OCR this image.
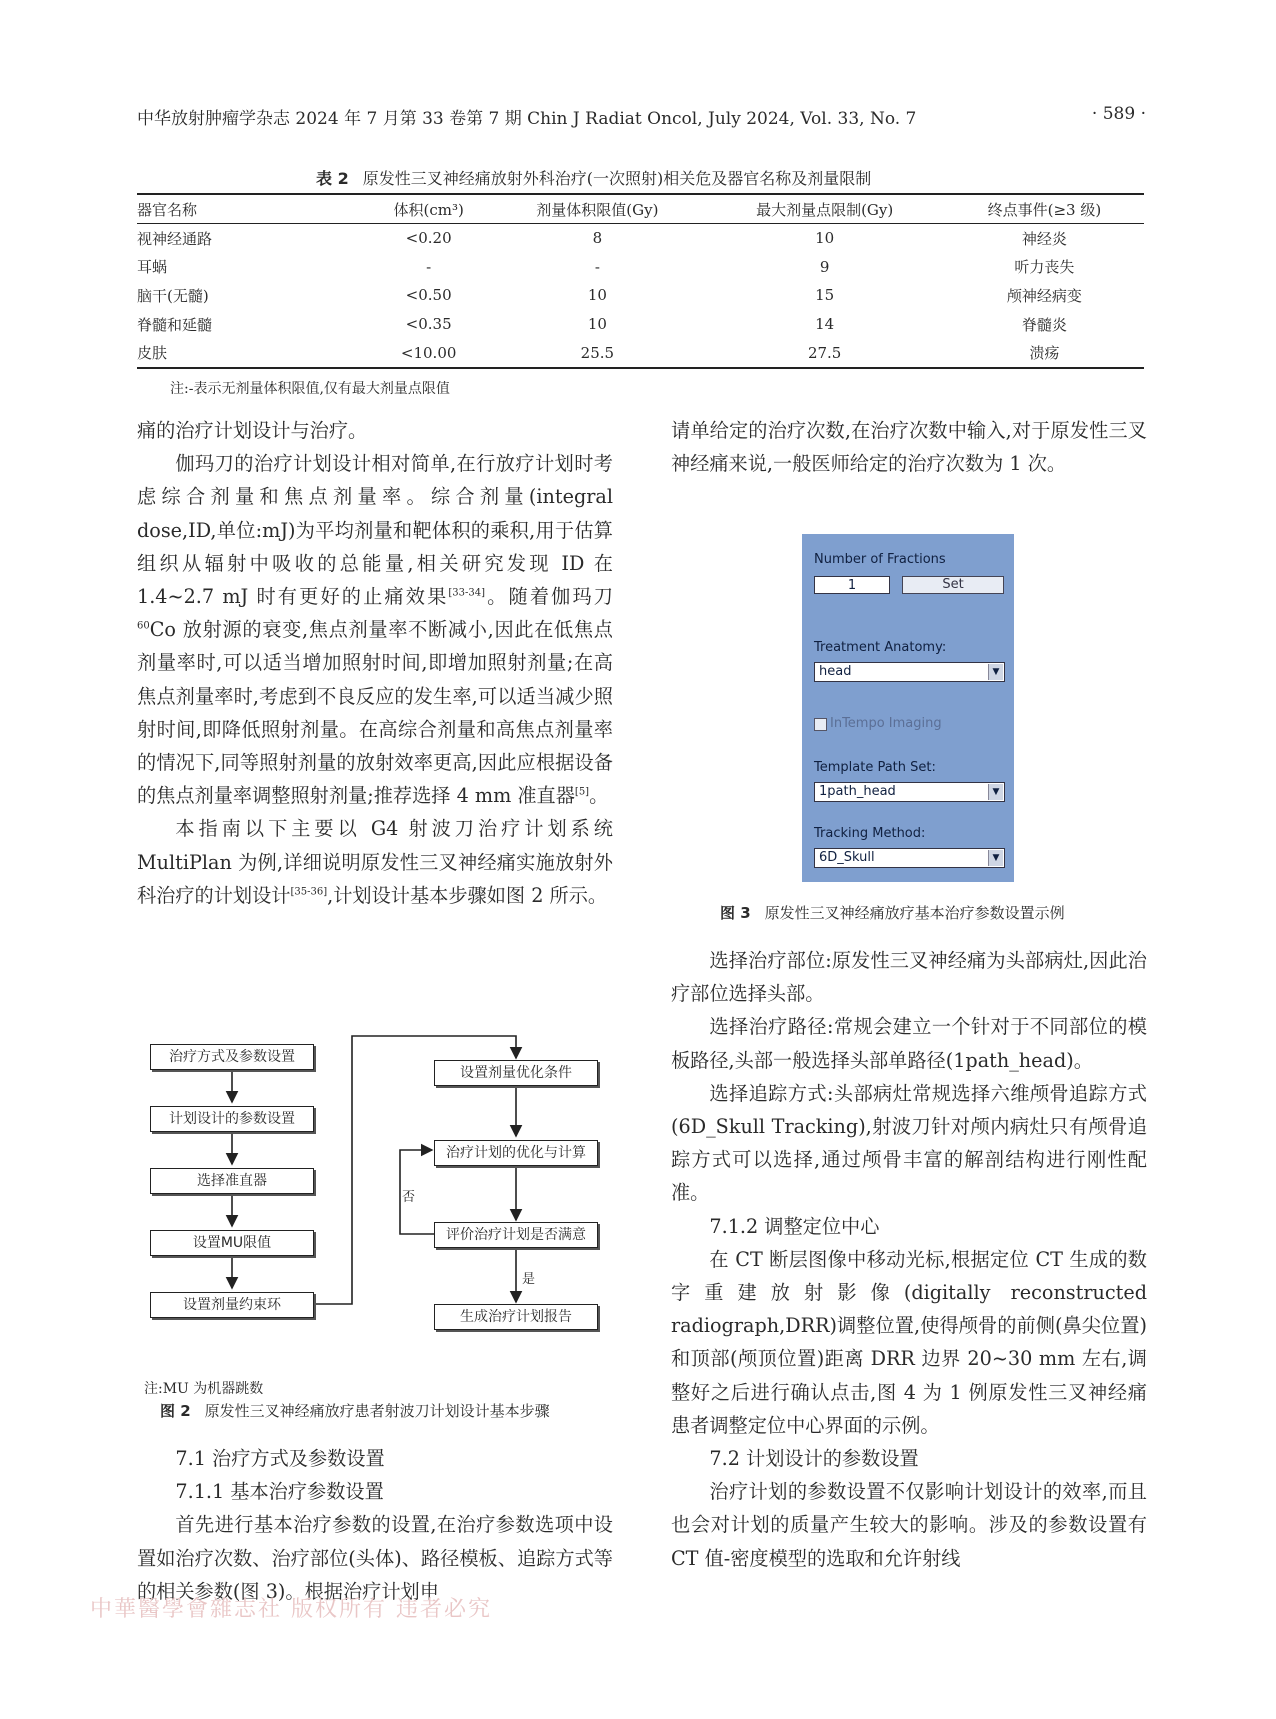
中华放射肿瘤学杂志 2024 年 7 月第 33 卷第 7 期 Chin J Radiat Oncol, July 2024, Vol. 33, No. 7	· 589 ·
表 2 原发性三叉神经痛放射外科治疗(一次照射)相关危及器官名称及剂量限制
器官名称	体积(cm³)	剂量体积限值(Gy)	最大剂量点限制(Gy)	终点事件(≥3 级)
视神经通路	<0.20	8	10	神经炎
耳蜗	-	-	9	听力丧失
脑干(无髓)	<0.50	10	15	颅神经病变
脊髓和延髓	<0.35	10	14	脊髓炎
皮肤	<10.00	25.5	27.5	溃疡
注:-表示无剂量体积限值,仅有最大剂量点限值

痛的治疗计划设计与治疗。

伽玛刀的治疗计划设计相对简单,在行放疗计划时考虑综合剂量和焦点剂量率。综合剂量(integral dose,ID,单位:mJ)为平均剂量和靶体积的乘积,用于估算组织从辐射中吸收的总能量,相关研究发现 ID 在 1.4~2.7 mJ 时有更好的止痛效果[33-34]。随着伽玛刀$^{60}$Co 放射源的衰变,焦点剂量率不断减小,因此在低焦点剂量率时,可以适当增加照射时间,即增加照射剂量;在高焦点剂量率时,考虑到不良反应的发生率,可以适当减少照射时间,即降低照射剂量。在高综合剂量和高焦点剂量率的情况下,同等照射剂量的放射效率更高,因此应根据设备的焦点剂量率调整照射剂量;推荐选择 4 mm 准直器[5]。

本指南以下主要以 G4 射波刀治疗计划系统 MultiPlan 为例,详细说明原发性三叉神经痛实施放射外科治疗的计划设计[35-36],计划设计基本步骤如图 2 所示。

治疗方式及参数设置
计划设计的参数设置
选择准直器
设置MU限值
设置剂量约束环
设置剂量优化条件
治疗计划的优化与计算
评价治疗计划是否满意
生成治疗计划报告
否
是
注:MU 为机器跳数
图 2 原发性三叉神经痛放疗患者射波刀计划设计基本步骤

7.1 治疗方式及参数设置

7.1.1 基本治疗参数设置

首先进行基本治疗参数的设置,在治疗参数选项中设置如治疗次数、治疗部位(头体)、路径模板、追踪方式等的相关参数(图 3)。根据治疗计划申

请单给定的治疗次数,在治疗次数中输入,对于原发性三叉神经痛来说,一般医师给定的治疗次数为 1 次。

Number of Fractions
1	Set
Treatment Anatomy:
head	▼
InTempo Imaging
Template Path Set:
1path_head	▼
Tracking Method:
6D_Skull	▼
图 3 原发性三叉神经痛放疗基本治疗参数设置示例

选择治疗部位:原发性三叉神经痛为头部病灶,因此治疗部位选择头部。

选择治疗路径:常规会建立一个针对于不同部位的模板路径,头部一般选择头部单路径(1path_head)。

选择追踪方式:头部病灶常规选择六维颅骨追踪方式(6D_Skull Tracking),射波刀针对颅内病灶只有颅骨追踪方式可以选择,通过颅骨丰富的解剖结构进行刚性配准。

7.1.2 调整定位中心

在 CT 断层图像中移动光标,根据定位 CT 生成的数字重建放射影像(digitally reconstructed radiograph,DRR)调整位置,使得颅骨的前侧(鼻尖位置)和顶部(颅顶位置)距离 DRR 边界 20~30 mm 左右,调整好之后进行确认点击,图 4 为 1 例原发性三叉神经痛患者调整定位中心界面的示例。

7.2 计划设计的参数设置

治疗计划的参数设置不仅影响计划设计的效率,而且也会对计划的质量产生较大的影响。涉及的参数设置有 CT 值-密度模型的选取和允许射线

中華醫學會雜志社 版权所有 违者必究
